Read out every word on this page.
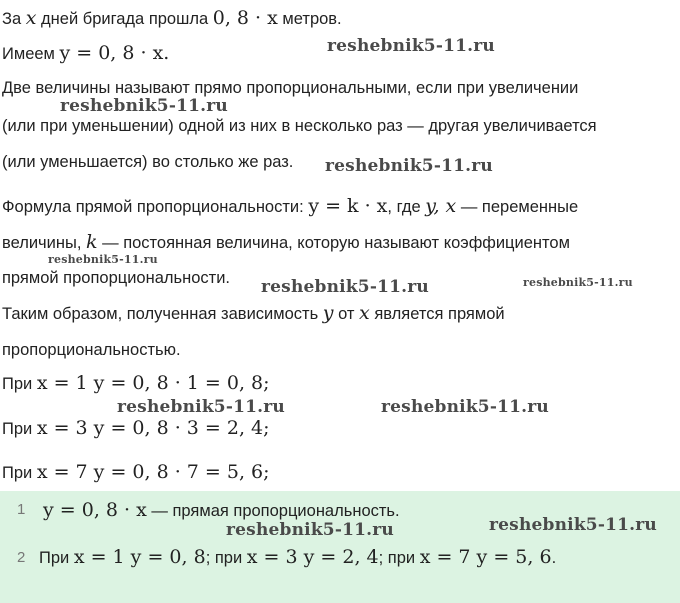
За x дней бригада прошла 0, 8 · x метров.
Имеем y = 0, 8 · x.
Две величины называют прямо пропорциональными, если при увеличении
(или при уменьшении) одной из них в несколько раз — другая увеличивается
(или уменьшается) во столько же раз.
Формула прямой пропорциональности: y = k · x, где y, x — переменные
величины, k — постоянная величина, которую называют коэффициентом
прямой пропорциональности.
Таким образом, полученная зависимость y от x является прямой
пропорциональностью.
При x = 1 y = 0, 8 · 1 = 0, 8;
При x = 3 y = 0, 8 · 3 = 2, 4;
При x = 7 y = 0, 8 · 7 = 5, 6;
1 y = 0, 8 · x — прямая пропорциональность.
2 При x = 1 y = 0, 8; при x = 3 y = 2, 4; при x = 7 y = 5, 6.
reshebnik5-11.ru
reshebnik5-11.ru
reshebnik5-11.ru
reshebnik5-11.ru
reshebnik5-11.ru	reshebnik5-11.ru
reshebnik5-11.ru	reshebnik5-11.ru
reshebnik5-11.ru	reshebnik5-11.ru
